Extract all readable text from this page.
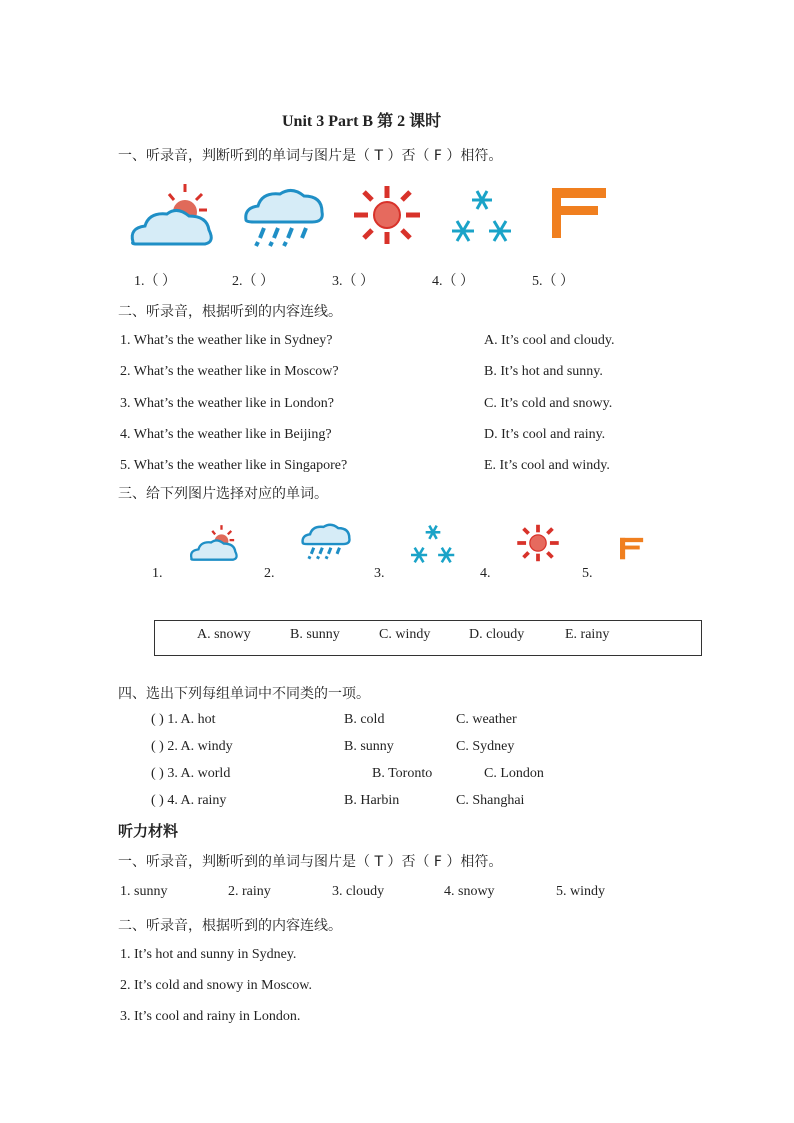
Unit 3 Part B 第 2 课时
一、听录音，判断听到的单词与图片是（ T ）否（ F ）相符。
1.（ ）	2.（ ）	3.（ ）	4.（ ）	5.（ ）
二、听录音，根据听到的内容连线。
1. What’s the weather like in Sydney?
2. What’s the weather like in Moscow?
3. What’s the weather like in London?
4. What’s the weather like in Beijing?
5. What’s the weather like in Singapore?
A. It’s cool and cloudy.
B. It’s hot and sunny.
C. It’s cold and snowy.
D. It’s cool and rainy.
E. It’s cool and windy.
三、给下列图片选择对应的单词。
1.	2.	3.	4.	5.
A. snowy	B. sunny	C. windy	D. cloudy	E. rainy
四、选出下列每组单词中不同类的一项。
( ) 1. A. hot	B. cold	C. weather
( ) 2. A. windy	B. sunny	C. Sydney
( ) 3. A. world	B. Toronto	C. London
( ) 4. A. rainy	B. Harbin	C. Shanghai
听力材料
一、听录音，判断听到的单词与图片是（ T ）否（ F ）相符。
1. sunny	2. rainy	3. cloudy	4. snowy	5. windy
二、听录音，根据听到的内容连线。
1. It’s hot and sunny in Sydney.
2. It’s cold and snowy in Moscow.
3. It’s cool and rainy in London.
